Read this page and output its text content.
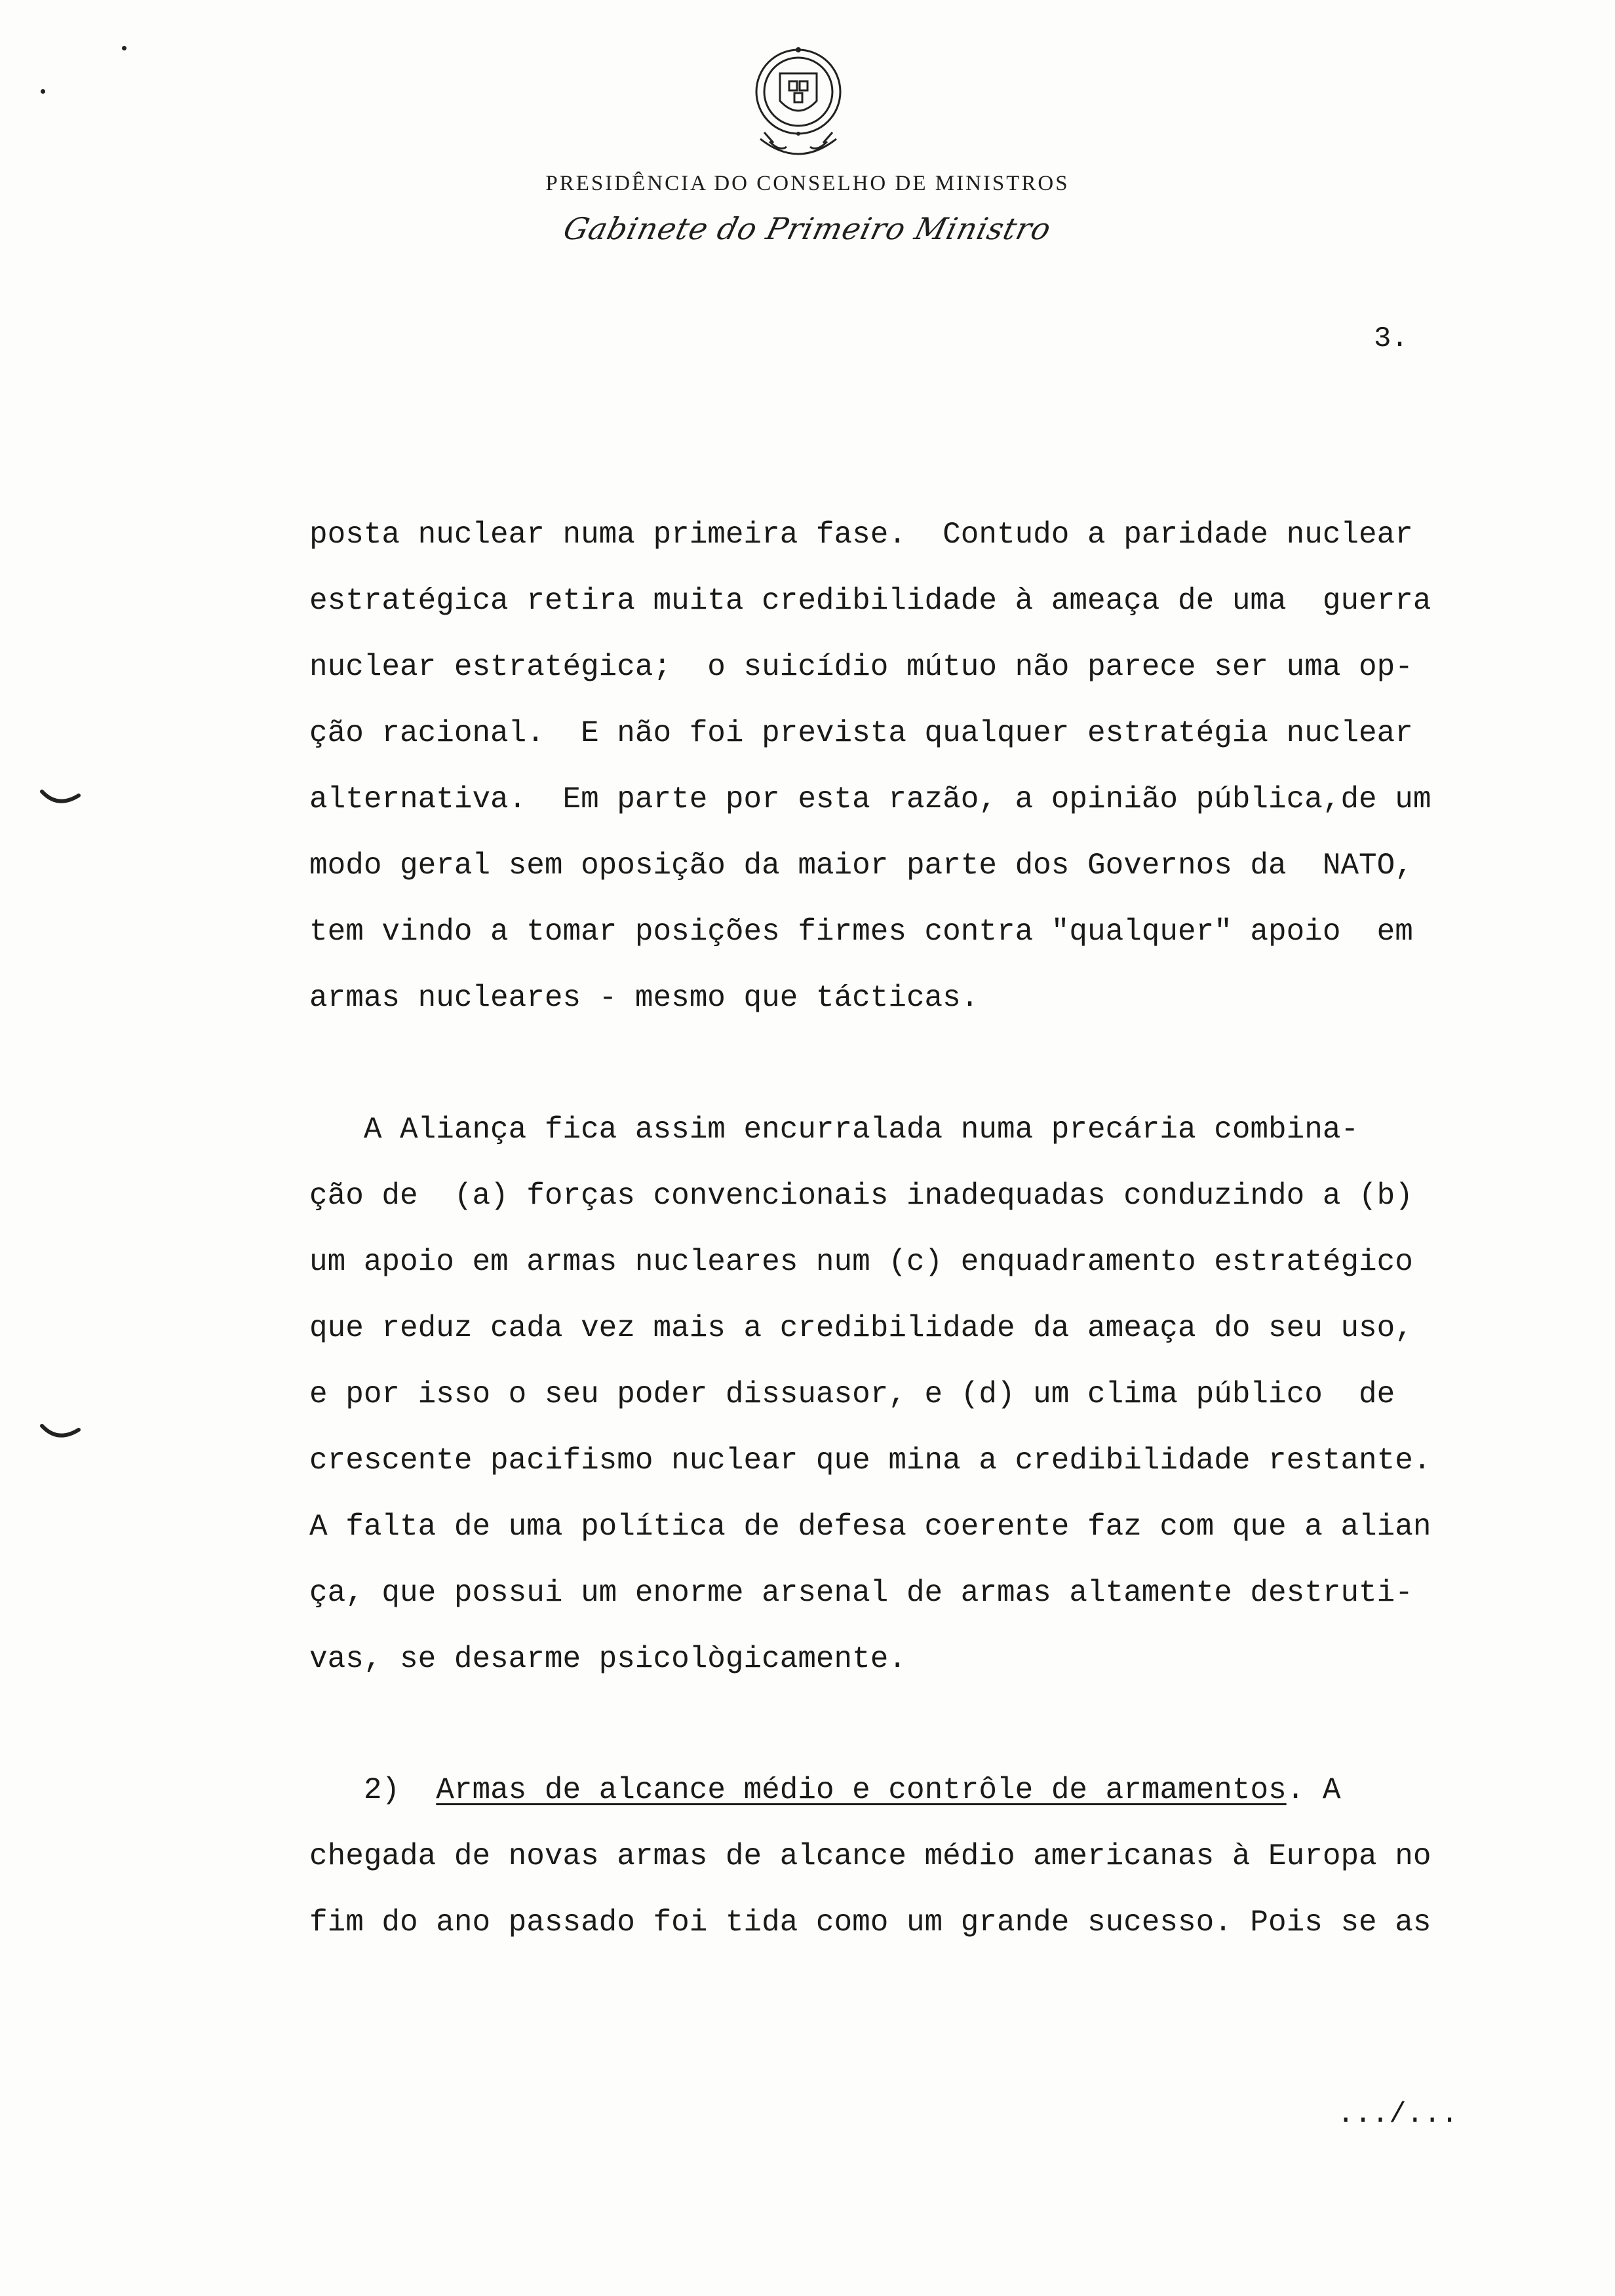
PRESIDÊNCIA DO CONSELHO DE MINISTROS
Gabinete do Primeiro Ministro
3.
posta nuclear numa primeira fase.  Contudo a paridade nuclear
estratégica retira muita credibilidade à ameaça de uma  guerra
nuclear estratégica;  o suicídio mútuo não parece ser uma op-
ção racional.  E não foi prevista qualquer estratégia nuclear
alternativa.  Em parte por esta razão, a opinião pública,de um
modo geral sem oposição da maior parte dos Governos da  NATO,
tem vindo a tomar posições firmes contra "qualquer" apoio  em
armas nucleares - mesmo que tácticas.
A Aliança fica assim encurralada numa precária combina-
ção de  (a) forças convencionais inadequadas conduzindo a (b)
um apoio em armas nucleares num (c) enquadramento estratégico
que reduz cada vez mais a credibilidade da ameaça do seu uso,
e por isso o seu poder dissuasor, e (d) um clima público  de
crescente pacifismo nuclear que mina a credibilidade restante.
A falta de uma política de defesa coerente faz com que a alian
ça, que possui um enorme arsenal de armas altamente destruti-
vas, se desarme psicològicamente.
2) Armas de alcance médio e contrôle de armamentos. A
chegada de novas armas de alcance médio americanas à Europa no
fim do ano passado foi tida como um grande sucesso. Pois se as
.../...
